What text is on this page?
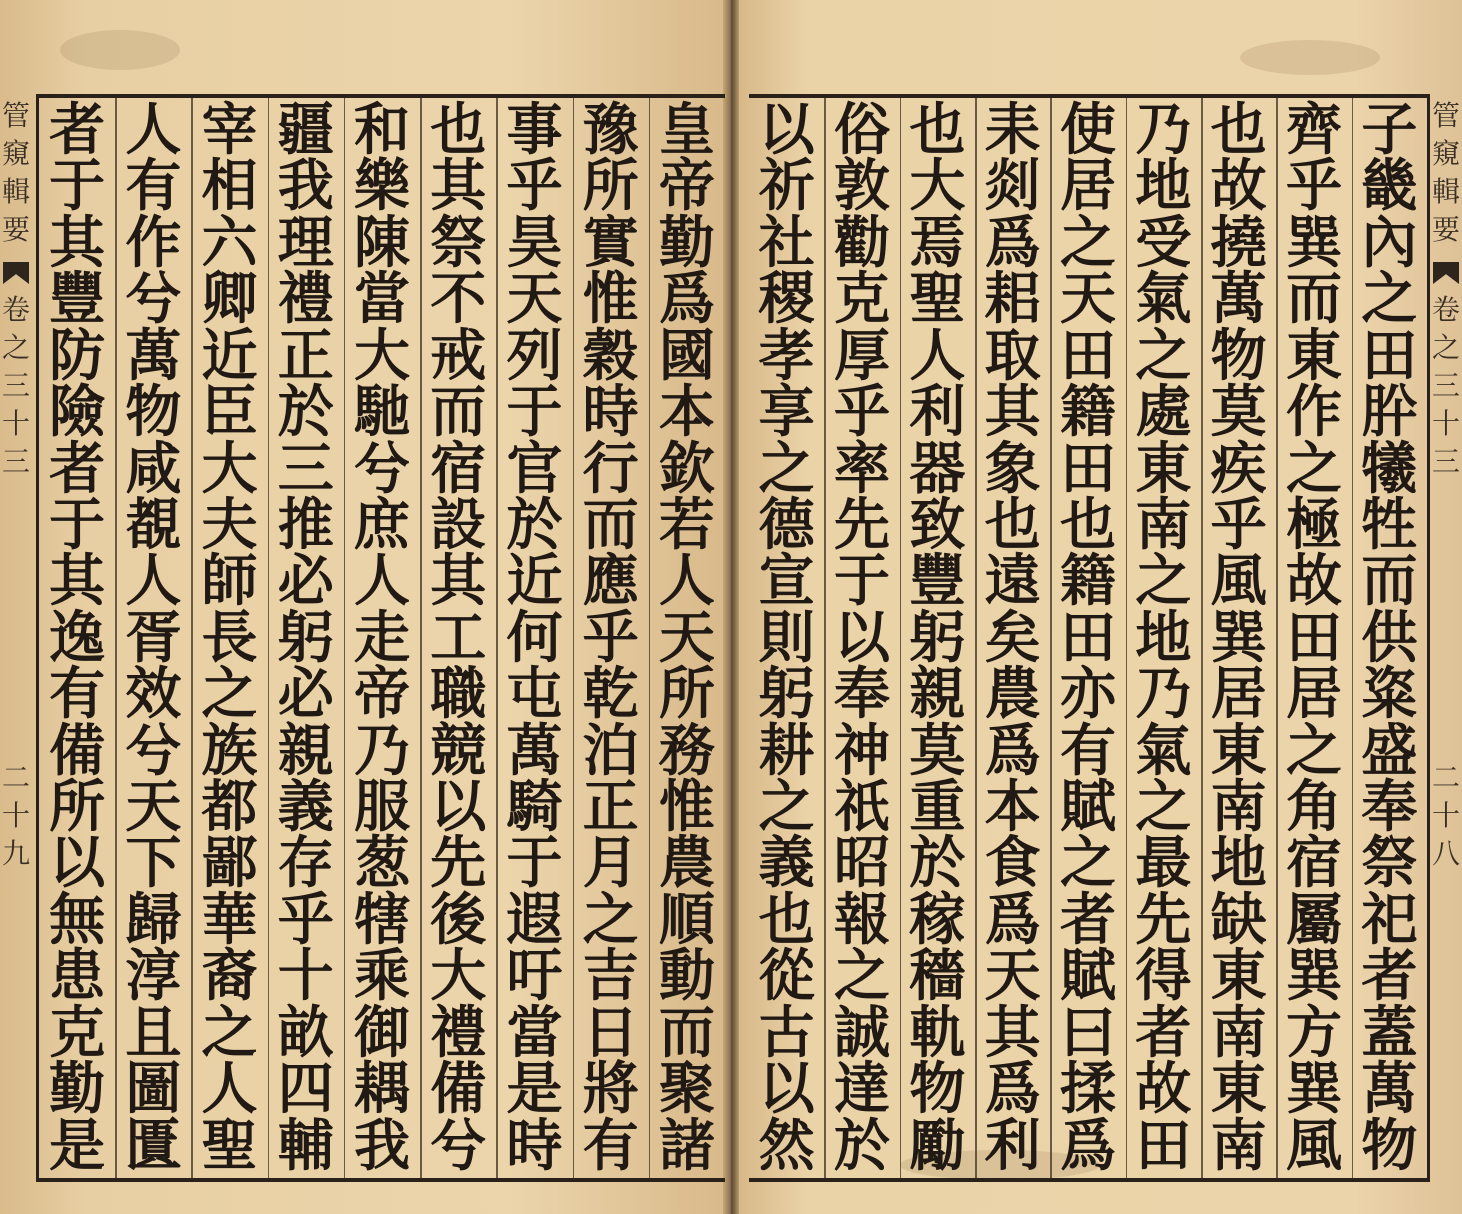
管
窺
輯
要
卷
之
三
十
三
二
十
九
管
窺
輯
要
卷
之
三
十
三
二
十
八
皇
帝
勤
爲
國
本
欽
若
人
天
所
務
惟
農
順
動
而
聚
諸
豫
所
實
惟
穀
時
行
而
應
乎
乾
泊
正
月
之
吉
日
將
有
事
乎
昊
天
列
于
官
於
近
何
屯
萬
騎
于
遐
吁
當
是
時
也
其
祭
不
戒
而
宿
設
其
工
職
競
以
先
後
大
禮
備
兮
和
樂
陳
當
大
馳
兮
庶
人
走
帝
乃
服
葱
犗
乘
御
耦
我
疆
我
理
禮
正
於
三
推
必
躬
必
親
義
存
乎
十
畝
四
輔
宰
相
六
卿
近
臣
大
夫
師
長
之
族
都
鄙
華
裔
之
人
聖
人
有
作
兮
萬
物
咸
覩
人
胥
效
兮
天
下
歸
淳
且
圖
匱
者
于
其
豐
防
險
者
于
其
逸
有
備
所
以
無
患
克
勤
是
子
畿
內
之
田
肸
犧
牲
而
供
粢
盛
奉
祭
祀
者
蓋
萬
物
齊
乎
巽
而
東
作
之
極
故
田
居
之
角
宿
屬
巽
方
巽
風
也
故
撓
萬
物
莫
疾
乎
風
巽
居
東
南
地
缺
東
南
東
南
乃
地
受
氣
之
處
東
南
之
地
乃
氣
之
最
先
得
者
故
田
使
居
之
天
田
籍
田
也
籍
田
亦
有
賦
之
者
賦
曰
揉
爲
耒
剡
爲
耜
取
其
象
也
遠
矣
農
爲
本
食
爲
天
其
爲
利
也
大
焉
聖
人
利
器
致
豐
躬
親
莫
重
於
稼
穡
軌
物
勵
俗
敦
勸
克
厚
乎
率
先
于
以
奉
神
祇
昭
報
之
誠
達
於
以
祈
社
稷
孝
享
之
德
宣
則
躬
耕
之
義
也
從
古
以
然
